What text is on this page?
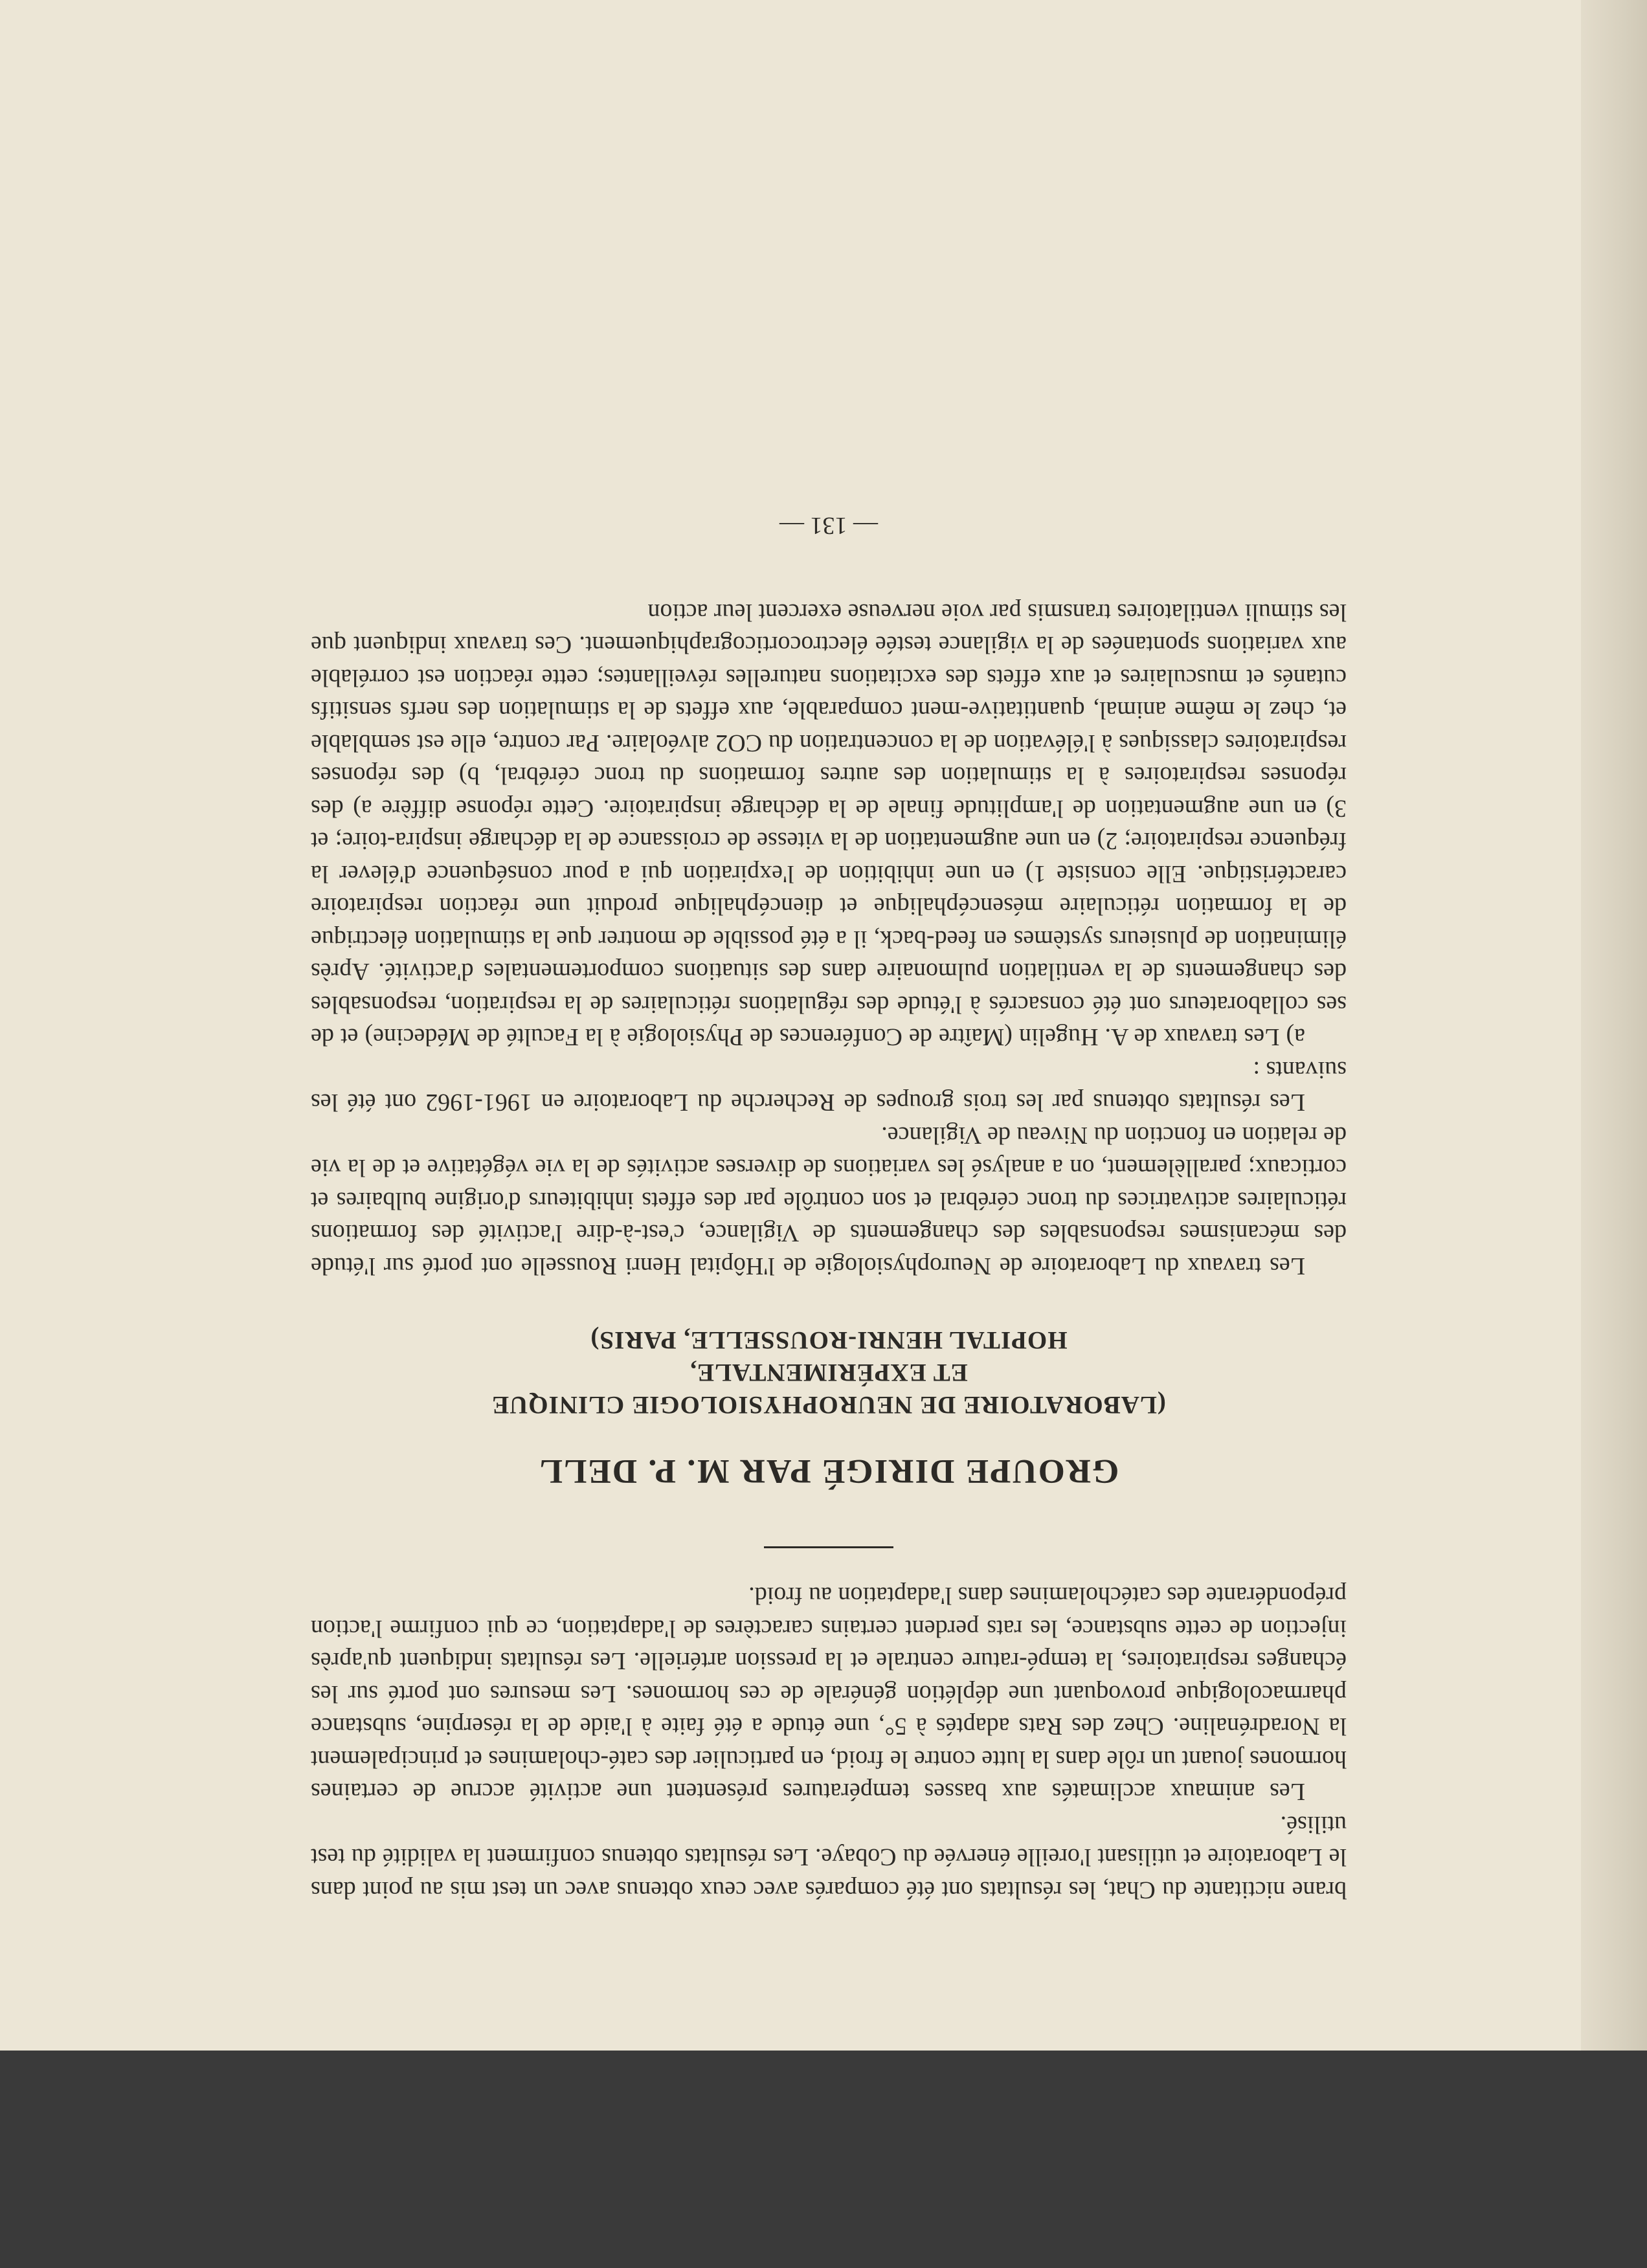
brane nictitante du Chat, les résultats ont été comparés avec ceux obtenus avec un test mis au point dans le Laboratoire et utilisant l'oreille énervée du Cobaye. Les résultats obtenus confirment la validité du test utilisé.

Les animaux acclimatés aux basses températures présentent une activité accrue de certaines hormones jouant un rôle dans la lutte contre le froid, en particulier des caté-cholamines et principalement la Noradrénaline. Chez des Rats adaptés à 5°, une étude a été faite à l'aide de la réserpine, substance pharmacologique provoquant une déplétion générale de ces hormones. Les mesures ont porté sur les échanges respiratoires, la tempé-rature centrale et la pression artérielle. Les résultats indiquent qu'après injection de cette substance, les rats perdent certains caractères de l'adaptation, ce qui confirme l'action prépondérante des catécholamines dans l'adaptation au froid.

GROUPE DIRIGÉ PAR M. P. DELL
(LABORATOIRE DE NEUROPHYSIOLOGIE CLINIQUE
ET EXPÉRIMENTALE,
HOPITAL HENRI-ROUSSELLE, PARIS)

Les travaux du Laboratoire de Neurophysiologie de l'Hôpital Henri Rousselle ont porté sur l'étude des mécanismes responsables des changements de Vigilance, c'est-à-dire l'activité des formations réticulaires activatrices du tronc cérébral et son contrôle par des effets inhibiteurs d'origine bulbaires et corticaux; parallèlement, on a analysé les variations de diverses activités de la vie végétative et de la vie de relation en fonction du Niveau de Vigilance.

Les résultats obtenus par les trois groupes de Recherche du Laboratoire en 1961-1962 ont été les suivants :

a) Les travaux de A. Hugelin (Maître de Conférences de Physiologie à la Faculté de Médecine) et de ses collaborateurs ont été consacrés à l'étude des régulations réticulaires de la respiration, responsables des changements de la ventilation pulmonaire dans des situations comportementales d'activité. Après élimination de plusieurs systèmes en feed-back, il a été possible de montrer que la stimulation électrique de la formation réticulaire mésencéphalique et diencéphalique produit une réaction respiratoire caractéristique. Elle consiste 1) en une inhibition de l'expiration qui a pour conséquence d'élever la fréquence respiratoire; 2) en une augmentation de la vitesse de croissance de la décharge inspira-toire; et 3) en une augmentation de l'amplitude finale de la décharge inspiratoire. Cette réponse diffère a) des réponses respiratoires à la stimulation des autres formations du tronc cérébral, b) des réponses respiratoires classiques à l'élévation de la concentration du CO2 alvéolaire. Par contre, elle est semblable et, chez le même animal, quantitative-ment comparable, aux effets de la stimulation des nerfs sensitifs cutanés et musculaires et aux effets des excitations naturelles réveillantes; cette réaction est corrélable aux variations spontanées de la vigilance testée électrocorticographiquement. Ces travaux indiquent que les stimuli ventilatoires transmis par voie nerveuse exercent leur action

— 131 —
